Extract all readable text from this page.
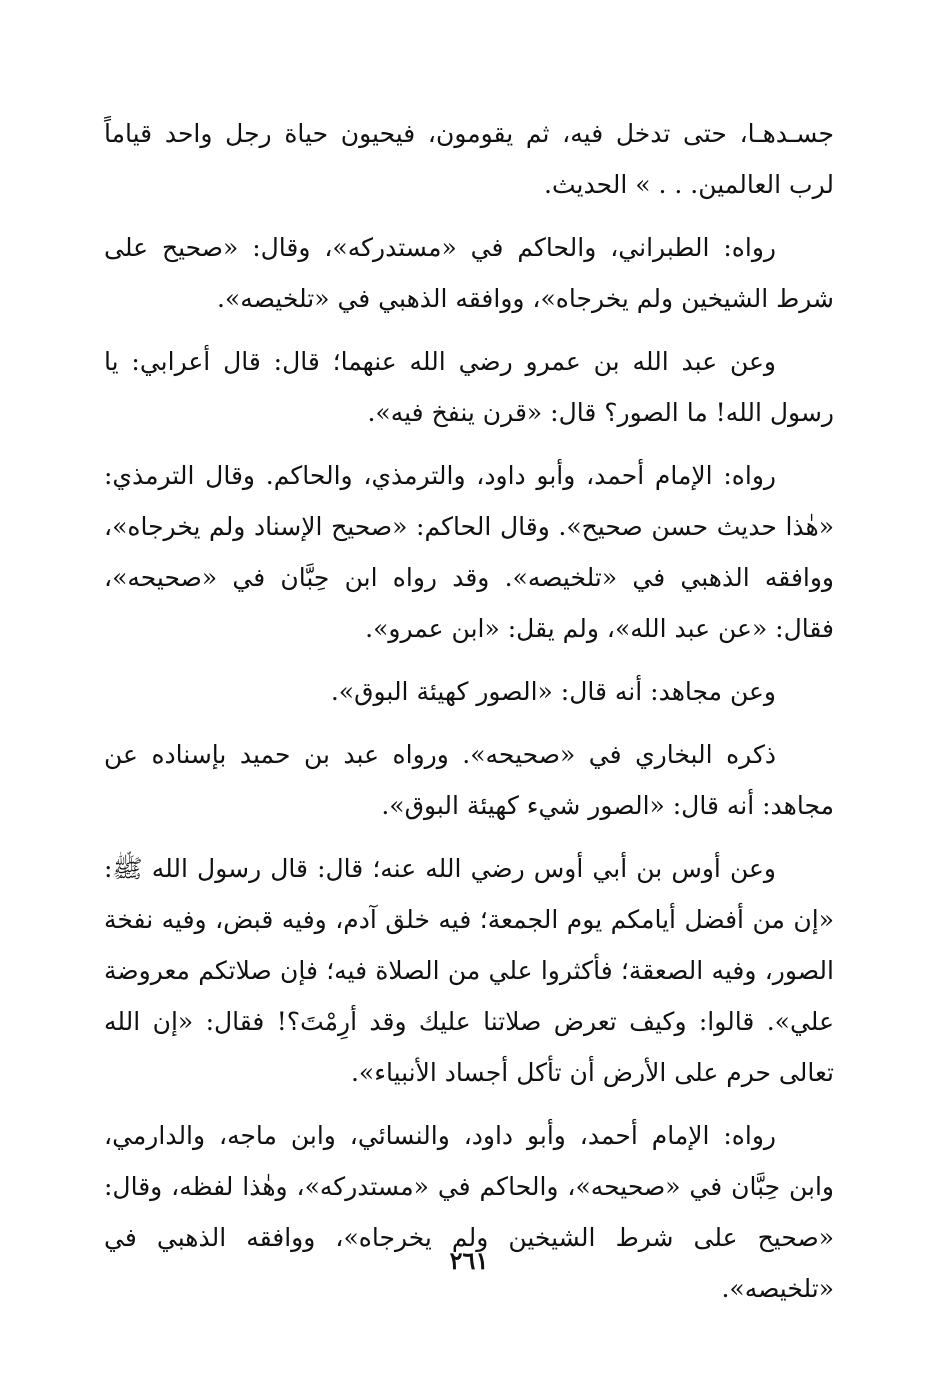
جسـدهـا، حتى تدخل فيه، ثم يقومون، فيحيون حياة رجل واحد قياماً لرب العالمين. . . » الحديث.

رواه: الطبراني، والحاكم في «مستدركه»، وقال: «صحيح على شرط الشيخين ولم يخرجاه»، ووافقه الذهبي في «تلخيصه».

وعن عبد الله بن عمرو رضي الله عنهما؛ قال: قال أعرابي: يا رسول الله! ما الصور؟ قال: «قرن ينفخ فيه».

رواه: الإمام أحمد، وأبو داود، والترمذي، والحاكم. وقال الترمذي: «هٰذا حديث حسن صحيح». وقال الحاكم: «صحيح الإسناد ولم يخرجاه»، ووافقه الذهبي في «تلخيصه». وقد رواه ابن حِبَّان في «صحيحه»، فقال: «عن عبد الله»، ولم يقل: «ابن عمرو».

وعن مجاهد: أنه قال: «الصور كهيئة البوق».

ذكره البخاري في «صحيحه». ورواه عبد بن حميد بإسناده عن مجاهد: أنه قال: «الصور شيء كهيئة البوق».

وعن أوس بن أبي أوس رضي الله عنه؛ قال: قال رسول الله ﷺ: «إن من أفضل أيامكم يوم الجمعة؛ فيه خلق آدم، وفيه قبض، وفيه نفخة الصور، وفيه الصعقة؛ فأكثروا علي من الصلاة فيه؛ فإن صلاتكم معروضة علي». قالوا: وكيف تعرض صلاتنا عليك وقد أرِمْتَ؟! فقال: «إن الله تعالى حرم على الأرض أن تأكل أجساد الأنبياء».

رواه: الإمام أحمد، وأبو داود، والنسائي، وابن ماجه، والدارمي، وابن حِبَّان في «صحيحه»، والحاكم في «مستدركه»، وهٰذا لفظه، وقال: «صحيح على شرط الشيخين ولم يخرجاه»، ووافقه الذهبي في «تلخيصه».

٢٦١
